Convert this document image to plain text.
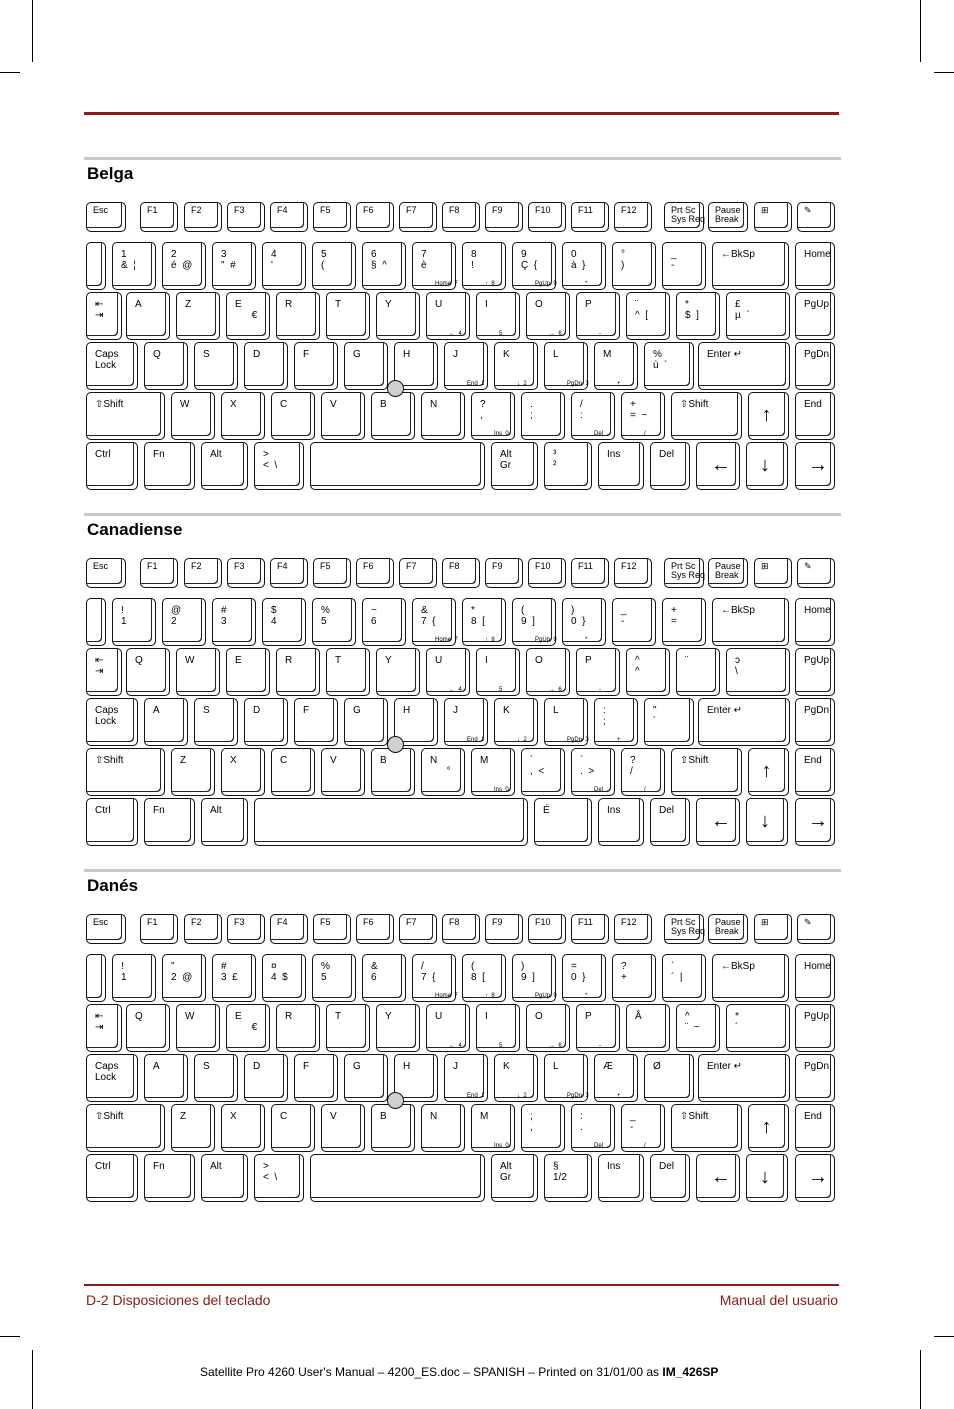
Belga
Esc	F1	F2	F3	F4	F5	F6	F7	F8	F9	F10	F11	F12	Prt Sc
Sys Req
Pause
Break
⊞	✎
1
&  ¦
2
é  @
3
"  #
4
'
5
(
6
§  ^
7
è
Home  7
8
!
↑  8
9
Ç  {
PgUp  9
0
à  }
*
°
)
_
-
←BkSp	Home
⇤
⇥
A	Z	E
€
R	T	Y	U
←  4
I
5
O
→  6
P
-
¨
^  [
*
$  ]
£
µ  `
PgUp
Caps
Lock
Q	S	D	F	G	H	J
End  1
K
↓  2
L
PgDn  3
M
+
%
ù  ´
Enter ↵	PgDn
⇧Shift	W	X	C	V	B	N	?
,
Ins  0
.
;
/
:
Del  .
+
=  ~
/
⇧Shift	↑	End
Ctrl	Fn	Alt	>
<  \
Alt
Gr
³
²
Ins	Del ← ↓ →
Canadiense
Esc	F1	F2	F3	F4	F5	F6	F7	F8	F9	F10	F11	F12	Prt Sc
Sys Req
Pause
Break
⊞	✎
!
1
@
2
#
3
$
4
%
5
~
6
&
7  {
Home  7
*
8  [
↑  8
(
9  ]
PgUp  9
)
0  }
*
_
-
+
=
←BkSp	Home
⇤
⇥
Q	W	E	R	T	Y	U
←  4
I
5
O
→  6
P
-
^
^
¨	ɔ
\
PgUp
Caps
Lock
A	S	D	F	G	H	J
End  1
K
↓  2
L
PgDn  3
:
;
+
"
´
Enter ↵	PgDn
⇧Shift	Z	X	C	V	B	N
°
M
Ins  0
´
,  <
`
.  >
Del  .
?
/
/
⇧Shift	↑	End
Ctrl	Fn	Alt	É	Ins	Del ← ↓ →
Danés
Esc	F1	F2	F3	F4	F5	F6	F7	F8	F9	F10	F11	F12	Prt Sc
Sys Req
Pause
Break
⊞	✎
!
1
"
2  @
#
3  £
¤
4  $
%
5
&
6
/
7  {
Home  7
(
8  [
↑  8
)
9  ]
PgUp  9
=
0  }
*
?
+
`
´  |
←BkSp	Home
⇤
⇥
Q	W	E
€
R	T	Y	U
←  4
I
5
O
→  6
P
-
Å	^
¨  ~
*
´
PgUp
Caps
Lock
A	S	D	F	G	H	J
End  1
K
↓  2
L
PgDn  3
Æ
+
Ø	Enter ↵	PgDn
⇧Shift	Z	X	C	V	B	N	M
Ins  0
;
,
:
.
Del  .
_
-
/
⇧Shift	↑	End
Ctrl	Fn	Alt	>
<  \
Alt
Gr
§
1/2
Ins	Del ← ↓ →
D-2 Disposiciones del teclado	Manual del usuario
Satellite Pro 4260 User's Manual – 4200_ES.doc – SPANISH – Printed on 31/01/00 as IM_426SP
